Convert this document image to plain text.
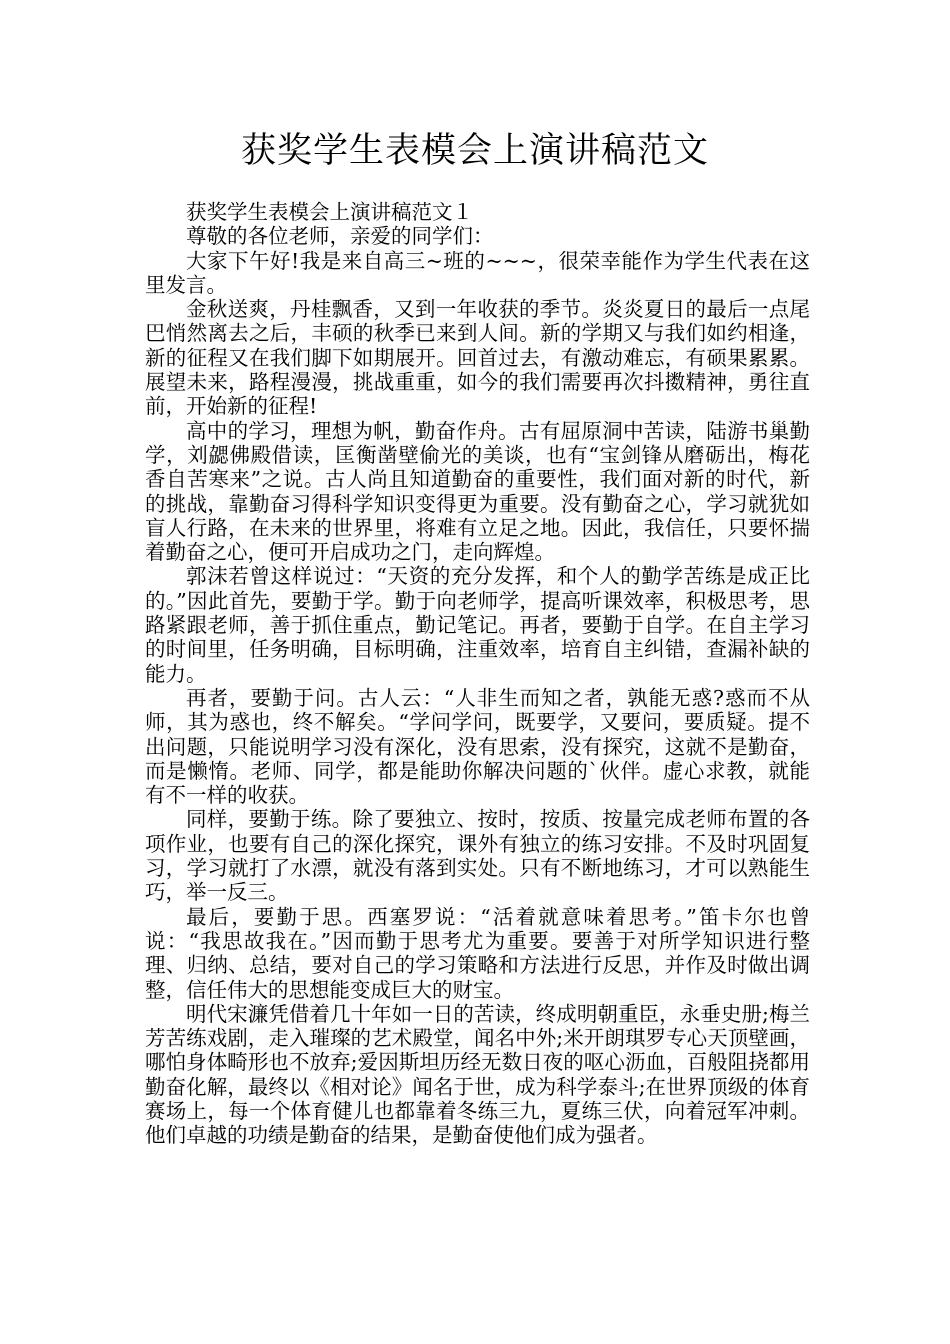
获奖学生表模会上演讲稿范文

获奖学生表模会上演讲稿范文１

尊敬的各位老师，亲爱的同学们：

大家下午好!我是来自高三~班的~~~，很荣幸能作为学生代表在这里发言。

金秋送爽，丹桂飘香，又到一年收获的季节。炎炎夏日的最后一点尾巴悄然离去之后，丰硕的秋季已来到人间。新的学期又与我们如约相逢，新的征程又在我们脚下如期展开。回首过去，有激动难忘，有硕果累累。展望未来，路程漫漫，挑战重重，如今的我们需要再次抖擞精神，勇往直前，开始新的征程!

高中的学习，理想为帆，勤奋作舟。古有屈原洞中苦读，陆游书巢勤学，刘勰佛殿借读，匡衡凿壁偷光的美谈，也有“宝剑锋从磨砺出，梅花香自苦寒来”之说。古人尚且知道勤奋的重要性，我们面对新的时代，新的挑战，靠勤奋习得科学知识变得更为重要。没有勤奋之心，学习就犹如盲人行路，在未来的世界里，将难有立足之地。因此，我信任，只要怀揣着勤奋之心，便可开启成功之门，走向辉煌。

郭沫若曾这样说过：“天资的充分发挥，和个人的勤学苦练是成正比的。”因此首先，要勤于学。勤于向老师学，提高听课效率，积极思考，思路紧跟老师，善于抓住重点，勤记笔记。再者，要勤于自学。在自主学习的时间里，任务明确，目标明确，注重效率，培育自主纠错，查漏补缺的能力。

再者，要勤于问。古人云：“人非生而知之者，孰能无惑?惑而不从师，其为惑也，终不解矣。“学问学问，既要学，又要问，要质疑。提不出问题，只能说明学习没有深化，没有思索，没有探究，这就不是勤奋，而是懒惰。老师、同学，都是能助你解决问题的`伙伴。虚心求教，就能有不一样的收获。

同样，要勤于练。除了要独立、按时，按质、按量完成老师布置的各项作业，也要有自己的深化探究，课外有独立的练习安排。不及时巩固复习，学习就打了水漂，就没有落到实处。只有不断地练习，才可以熟能生巧，举一反三。

最后，要勤于思。西塞罗说：“活着就意味着思考。”笛卡尔也曾说：“我思故我在。”因而勤于思考尤为重要。要善于对所学知识进行整理、归纳、总结，要对自己的学习策略和方法进行反思，并作及时做出调整，信任伟大的思想能变成巨大的财宝。

明代宋濂凭借着几十年如一日的苦读，终成明朝重臣，永垂史册;梅兰芳苦练戏剧，走入璀璨的艺术殿堂，闻名中外;米开朗琪罗专心天顶壁画，哪怕身体畸形也不放弃;爱因斯坦历经无数日夜的呕心沥血，百般阻挠都用勤奋化解，最终以《相对论》闻名于世，成为科学泰斗;在世界顶级的体育赛场上，每一个体育健儿也都靠着冬练三九，夏练三伏，向着冠军冲刺。他们卓越的功绩是勤奋的结果，是勤奋使他们成为强者。
